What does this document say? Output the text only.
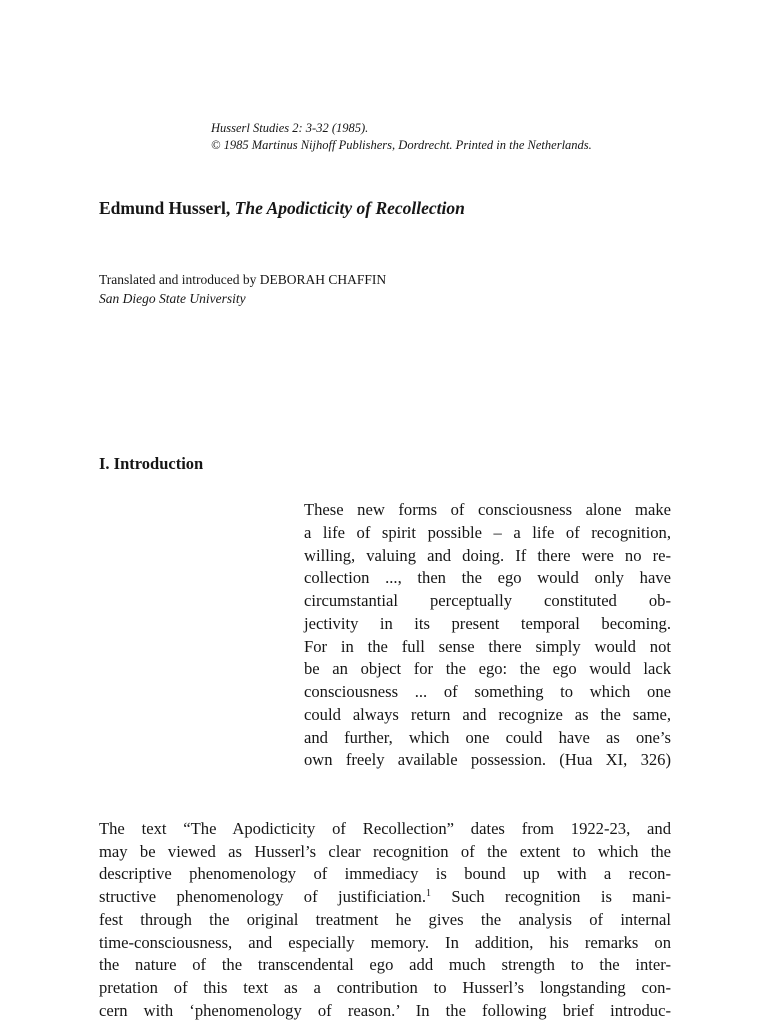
Husserl Studies 2: 3-32 (1985).
© 1985 Martinus Nijhoff Publishers, Dordrecht. Printed in the Netherlands.
Edmund Husserl, The Apodicticity of Recollection
Translated and introduced by DEBORAH CHAFFIN
San Diego State University
I. Introduction
These new forms of consciousness alone make
a life of spirit possible – a life of recognition,
willing, valuing and doing. If there were no re-
collection ..., then the ego would only have
circumstantial perceptually constituted ob-
jectivity in its present temporal becoming.
For in the full sense there simply would not
be an object for the ego: the ego would lack
consciousness ... of something to which one
could always return and recognize as the same,
and further, which one could have as one’s
own freely available possession. (Hua XI, 326)
The text “The Apodicticity of Recollection” dates from 1922-23, and
may be viewed as Husserl’s clear recognition of the extent to which the
descriptive phenomenology of immediacy is bound up with a recon-
structive phenomenology of justificiation.$^1$ Such recognition is mani-
fest through the original treatment he gives the analysis of internal
time-consciousness, and especially memory. In addition, his remarks on
the nature of the transcendental ego add much strength to the inter-
pretation of this text as a contribution to Husserl’s longstanding con-
cern with ‘phenomenology of reason.’ In the following brief introduc-
